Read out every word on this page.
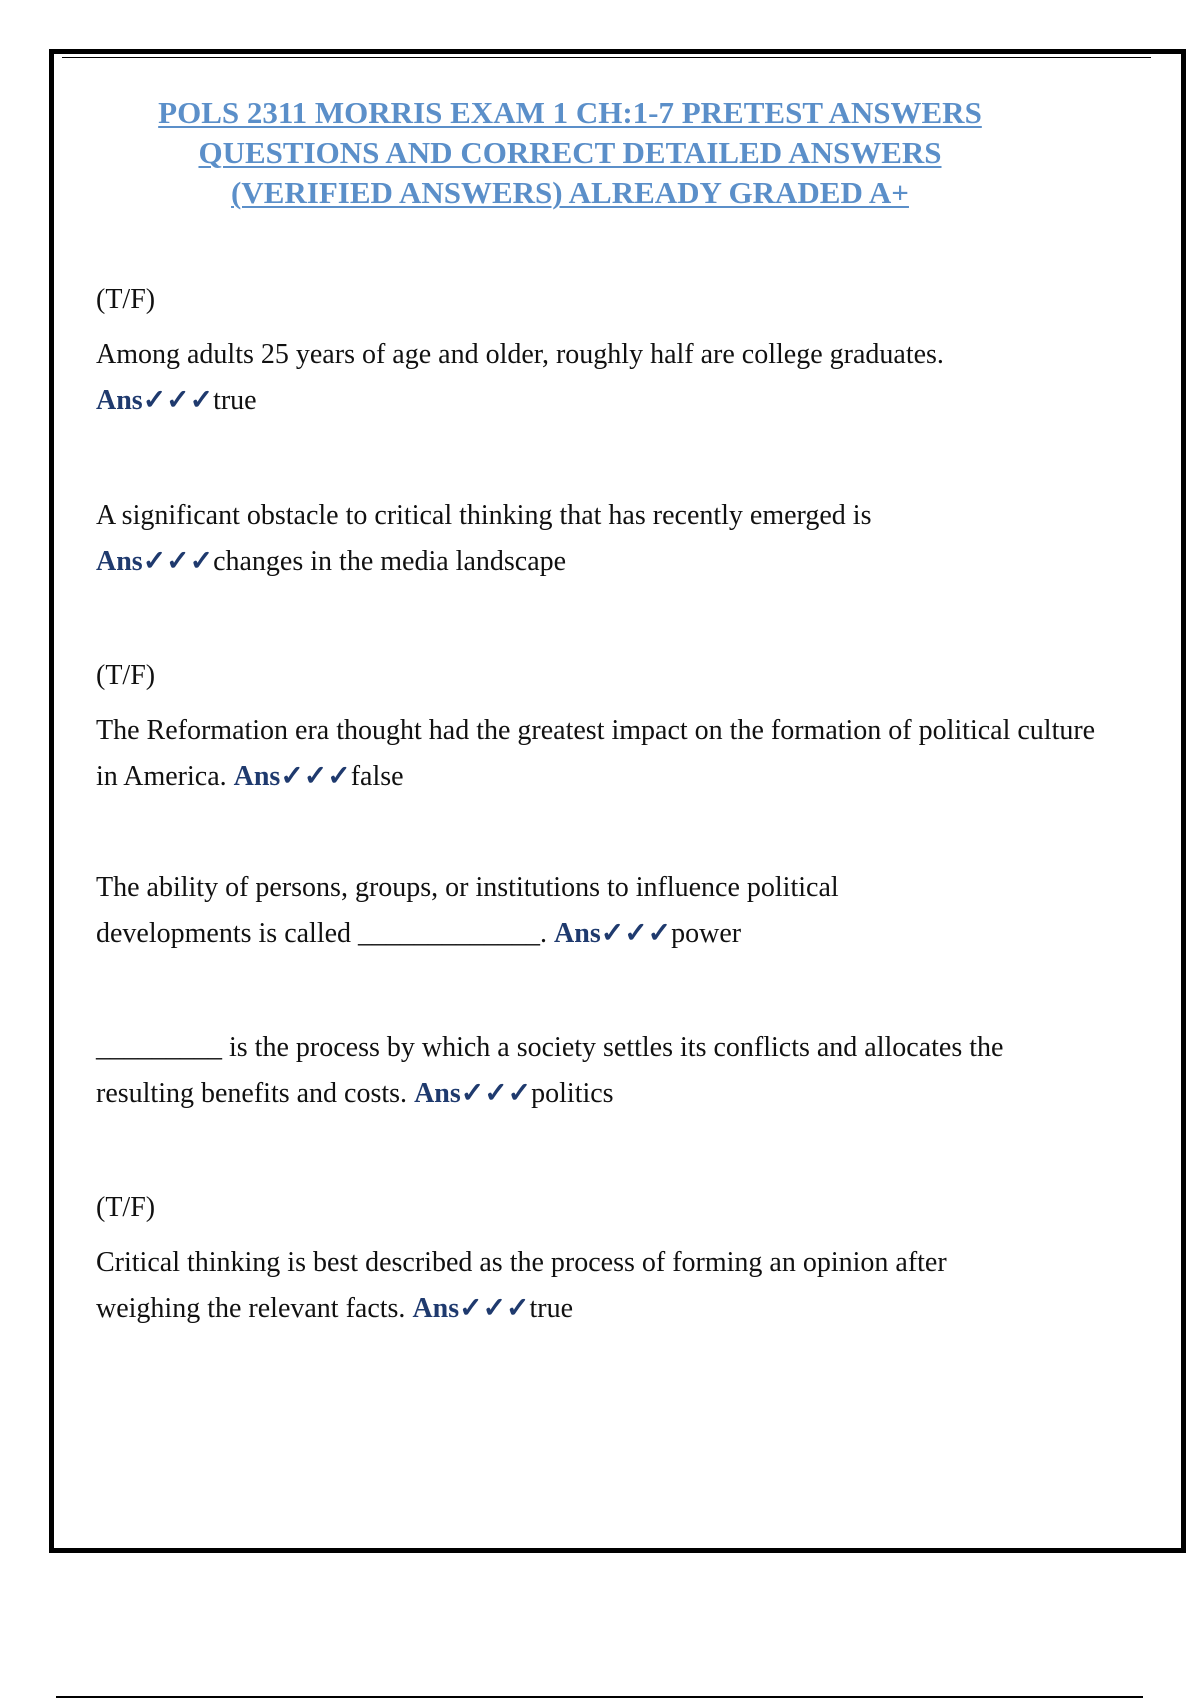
POLS 2311 MORRIS EXAM 1 CH:1-7 PRETEST ANSWERS
QUESTIONS AND CORRECT DETAILED ANSWERS
(VERIFIED ANSWERS) ALREADY GRADED A+

(T/F)

Among adults 25 years of age and older, roughly half are college graduates. Ans✓✓✓true

A significant obstacle to critical thinking that has recently emerged is Ans✓✓✓changes in the media landscape

(T/F)

The Reformation era thought had the greatest impact on the formation of political culture in America. Ans✓✓✓false

The ability of persons, groups, or institutions to influence political developments is called _____________. Ans✓✓✓power

_________ is the process by which a society settles its conflicts and allocates the resulting benefits and costs. Ans✓✓✓politics

(T/F)

Critical thinking is best described as the process of forming an opinion after weighing the relevant facts. Ans✓✓✓true
